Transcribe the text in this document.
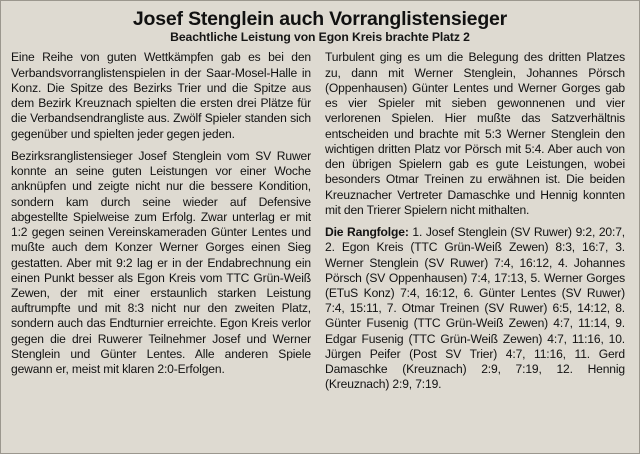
Josef Stenglein auch Vorranglistensieger
Beachtliche Leistung von Egon Kreis brachte Platz 2

Eine Reihe von guten Wettkämpfen gab es bei den Verbandsvorranglistenspielen in der Saar-Mosel-Halle in Konz. Die Spitze des Bezirks Trier und die Spitze aus dem Bezirk Kreuznach spielten die ersten drei Plätze für die Verbandsendrangliste aus. Zwölf Spieler standen sich gegenüber und spielten jeder gegen jeden.

Bezirksranglistensieger Josef Stenglein vom SV Ruwer konnte an seine guten Leistungen vor einer Woche anknüpfen und zeigte nicht nur die bessere Kondition, sondern kam durch seine wieder auf Defensive abgestellte Spielweise zum Erfolg. Zwar unterlag er mit 1:2 gegen seinen Vereinskameraden Günter Lentes und mußte auch dem Konzer Werner Gorges einen Sieg gestatten. Aber mit 9:2 lag er in der Endabrechnung ein einen Punkt besser als Egon Kreis vom TTC Grün-Weiß Zewen, der mit einer erstaunlich starken Leistung auftrumpfte und mit 8:3 nicht nur den zweiten Platz, sondern auch das Endturnier erreichte. Egon Kreis verlor gegen die drei Ruwerer Teilnehmer Josef und Werner Stenglein und Günter Lentes. Alle anderen Spiele gewann er, meist mit klaren 2:0-Erfolgen.

Turbulent ging es um die Belegung des dritten Platzes zu, dann mit Werner Stenglein, Johannes Pörsch (Oppenhausen) Günter Lentes und Werner Gorges gab es vier Spieler mit sieben gewonnenen und vier verlorenen Spielen. Hier mußte das Satzverhältnis entscheiden und brachte mit 5:3 Werner Stenglein den wichtigen dritten Platz vor Pörsch mit 5:4. Aber auch von den übrigen Spielern gab es gute Leistungen, wobei besonders Otmar Treinen zu erwähnen ist. Die beiden Kreuznacher Vertreter Damaschke und Hennig konnten mit den Trierer Spielern nicht mithalten.

Die Rangfolge: 1. Josef Stenglein (SV Ruwer) 9:2, 20:7, 2. Egon Kreis (TTC Grün-Weiß Zewen) 8:3, 16:7, 3. Werner Stenglein (SV Ruwer) 7:4, 16:12, 4. Johannes Pörsch (SV Oppenhausen) 7:4, 17:13, 5. Werner Gorges (ETuS Konz) 7:4, 16:12, 6. Günter Lentes (SV Ruwer) 7:4, 15:11, 7. Otmar Treinen (SV Ruwer) 6:5, 14:12, 8. Günter Fusenig (TTC Grün-Weiß Zewen) 4:7, 11:14, 9. Edgar Fusenig (TTC Grün-Weiß Zewen) 4:7, 11:16, 10. Jürgen Peifer (Post SV Trier) 4:7, 11:16, 11. Gerd Damaschke (Kreuznach) 2:9, 7:19, 12. Hennig (Kreuznach) 2:9, 7:19.
